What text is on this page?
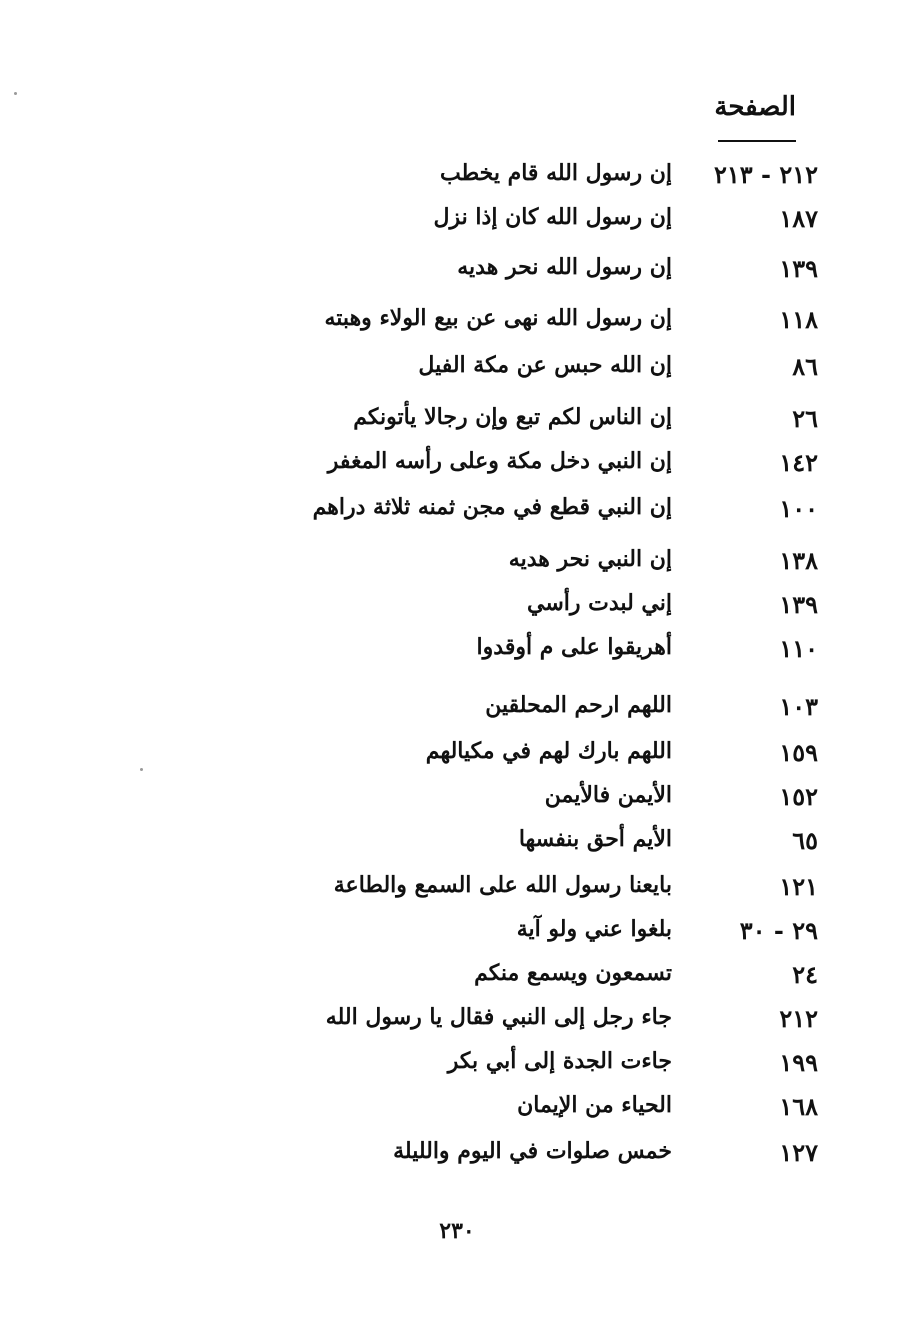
الصفحة
٢١٢ - ٢١٣
إن رسول الله قام يخطب
١٨٧
إن رسول الله كان إذا نزل
١٣٩
إن رسول الله نحر هديه
١١٨
إن رسول الله نهى عن بيع الولاء وهبته
٨٦
إن الله حبس عن مكة الفيل
٢٦
إن الناس لكم تبع وإن رجالا يأتونكم
١٤٢
إن النبي دخل مكة وعلى رأسه المغفر
١٠٠
إن النبي قطع في مجن ثمنه ثلاثة دراهم
١٣٨
إن النبي نحر هديه
١٣٩
إني لبدت رأسي
١١٠
أهريقوا على م أوقدوا
١٠٣
اللهم ارحم المحلقين
١٥٩
اللهم بارك لهم في مكيالهم
١٥٢
الأيمن فالأيمن
٦٥
الأيم أحق بنفسها
١٢١
بايعنا رسول الله على السمع والطاعة
٢٩ - ٣٠
بلغوا عني ولو آية
٢٤
تسمعون ويسمع منكم
٢١٢
جاء رجل إلى النبي فقال يا رسول الله
١٩٩
جاءت الجدة إلى أبي بكر
١٦٨
الحياء من الإيمان
١٢٧
خمس صلوات في اليوم والليلة
٢٣٠
